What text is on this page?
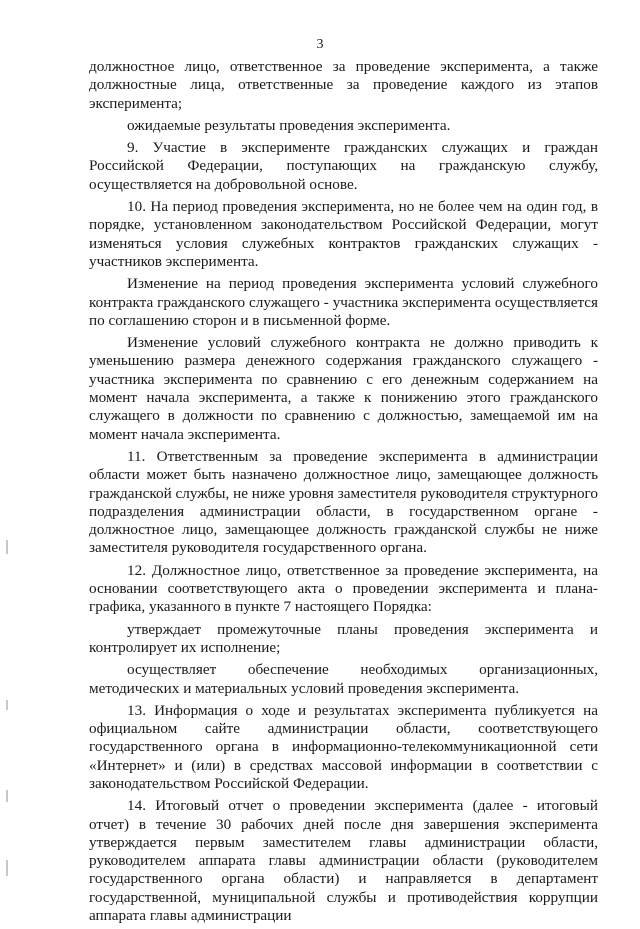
3

должностное лицо, ответственное за проведение эксперимента, а также должностные лица, ответственные за проведение каждого из этапов эксперимента;

ожидаемые результаты проведения эксперимента.

9. Участие в эксперименте гражданских служащих и граждан Российской Федерации, поступающих на гражданскую службу, осуществляется на добровольной основе.

10. На период проведения эксперимента, но не более чем на один год, в порядке, установленном законодательством Российской Федерации, могут изменяться условия служебных контрактов гражданских служащих - участников эксперимента.

Изменение на период проведения эксперимента условий служебного контракта гражданского служащего - участника эксперимента осуществляется по соглашению сторон и в письменной форме.

Изменение условий служебного контракта не должно приводить к уменьшению размера денежного содержания гражданского служащего - участника эксперимента по сравнению с его денежным содержанием на момент начала эксперимента, а также к понижению этого гражданского служащего в должности по сравнению с должностью, замещаемой им на момент начала эксперимента.

11. Ответственным за проведение эксперимента в администрации области может быть назначено должностное лицо, замещающее должность гражданской службы, не ниже уровня заместителя руководителя структурного подразделения администрации области, в государственном органе - должностное лицо, замещающее должность гражданской службы не ниже заместителя руководителя государственного органа.

12. Должностное лицо, ответственное за проведение эксперимента, на основании соответствующего акта о проведении эксперимента и плана-графика, указанного в пункте 7 настоящего Порядка:

утверждает промежуточные планы проведения эксперимента и контролирует их исполнение;

осуществляет обеспечение необходимых организационных, методических и материальных условий проведения эксперимента.

13. Информация о ходе и результатах эксперимента публикуется на официальном сайте администрации области, соответствующего государственного органа в информационно-телекоммуникационной сети «Интернет» и (или) в средствах массовой информации в соответствии с законодательством Российской Федерации.

14. Итоговый отчет о проведении эксперимента (далее - итоговый отчет) в течение 30 рабочих дней после дня завершения эксперимента утверждается первым заместителем главы администрации области, руководителем аппарата главы администрации области (руководителем государственного органа области) и направляется в департамент государственной, муниципальной службы и противодействия коррупции аппарата главы администрации
